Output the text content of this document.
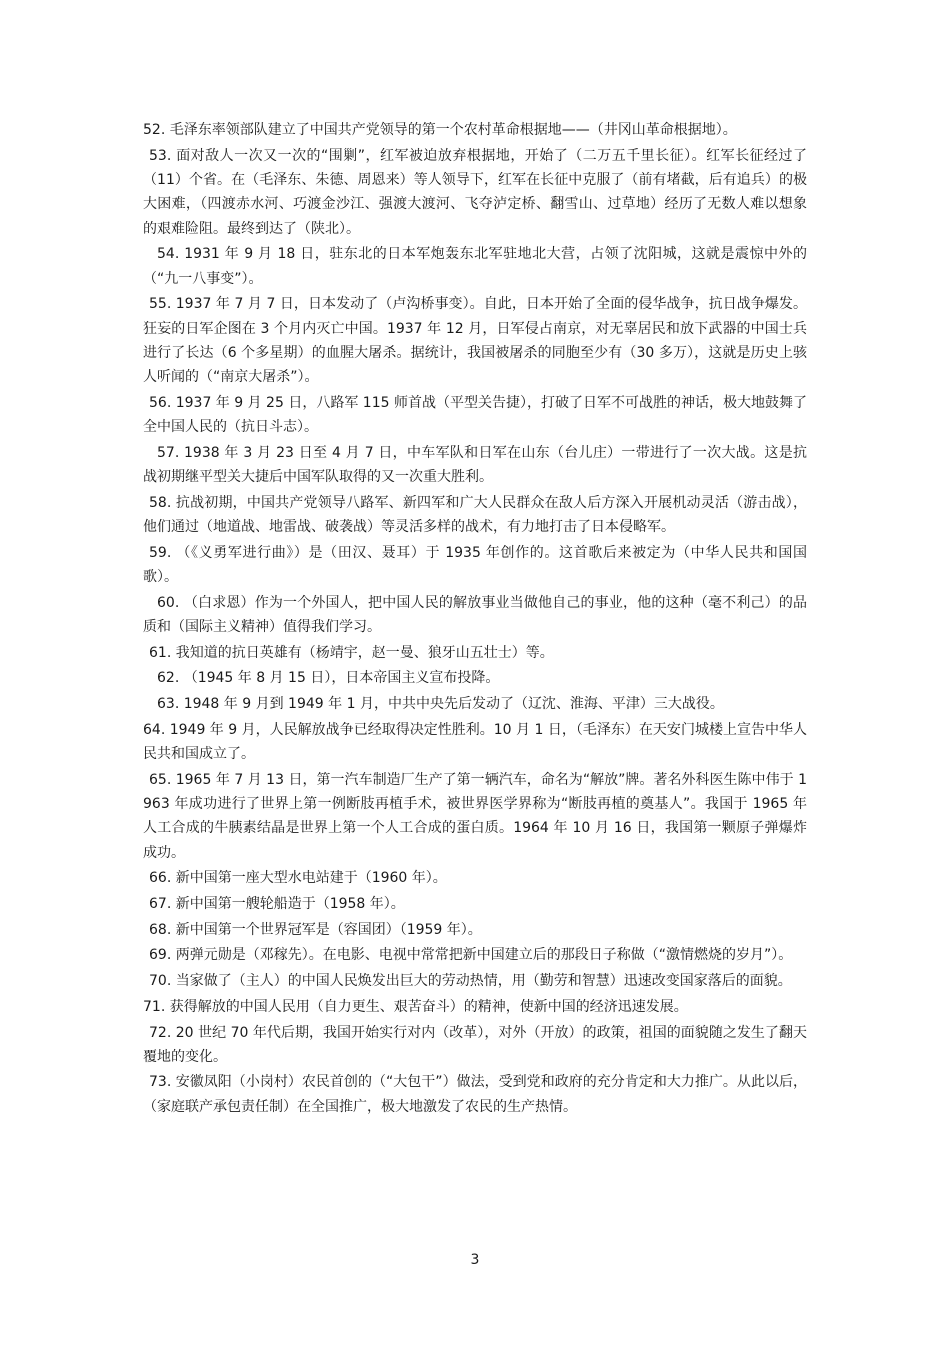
52. 毛泽东率领部队建立了中国共产党领导的第一个农村革命根据地——（井冈山革命根据地）。

53. 面对敌人一次又一次的“围剿”，红军被迫放弃根据地，开始了（二万五千里长征）。红军长征经过了（11）个省。在（毛泽东、朱德、周恩来）等人领导下，红军在长征中克服了（前有堵截，后有追兵）的极大困难，（四渡赤水河、巧渡金沙江、强渡大渡河、飞夺泸定桥、翻雪山、过草地）经历了无数人难以想象的艰难险阻。最终到达了（陕北）。

54. 1931 年 9 月 18 日，驻东北的日本军炮轰东北军驻地北大营，占领了沈阳城，这就是震惊中外的（“九一八事变”）。

55. 1937 年 7 月 7 日，日本发动了（卢沟桥事变）。自此，日本开始了全面的侵华战争，抗日战争爆发。狂妄的日军企图在 3 个月内灭亡中国。1937 年 12 月，日军侵占南京，对无辜居民和放下武器的中国士兵进行了长达（6 个多星期）的血腥大屠杀。据统计，我国被屠杀的同胞至少有（30 多万），这就是历史上骇人听闻的（“南京大屠杀”）。

56. 1937 年 9 月 25 日，八路军 115 师首战（平型关告捷），打破了日军不可战胜的神话，极大地鼓舞了全中国人民的（抗日斗志）。

57. 1938 年 3 月 23 日至 4 月 7 日，中车军队和日军在山东（台儿庄）一带进行了一次大战。这是抗战初期继平型关大捷后中国军队取得的又一次重大胜利。

58. 抗战初期，中国共产党领导八路军、新四军和广大人民群众在敌人后方深入开展机动灵活（游击战），他们通过（地道战、地雷战、破袭战）等灵活多样的战术，有力地打击了日本侵略军。

59. （《义勇军进行曲》）是（田汉、聂耳）于 1935 年创作的。这首歌后来被定为（中华人民共和国国歌）。

60. （白求恩）作为一个外国人，把中国人民的解放事业当做他自己的事业，他的这种（毫不利己）的品质和（国际主义精神）值得我们学习。

61. 我知道的抗日英雄有（杨靖宇，赵一曼、狼牙山五壮士）等。

62. （1945 年 8 月 15 日），日本帝国主义宣布投降。

63. 1948 年 9 月到 1949 年 1 月，中共中央先后发动了（辽沈、淮海、平津）三大战役。

64. 1949 年 9 月，人民解放战争已经取得决定性胜利。10 月 1 日，（毛泽东）在天安门城楼上宣告中华人民共和国成立了。

65. 1965 年 7 月 13 日，第一汽车制造厂生产了第一辆汽车，命名为“解放”牌。著名外科医生陈中伟于 1963 年成功进行了世界上第一例断肢再植手术，被世界医学界称为“断肢再植的奠基人”。我国于 1965 年人工合成的牛胰素结晶是世界上第一个人工合成的蛋白质。1964 年 10 月 16 日，我国第一颗原子弹爆炸成功。

66. 新中国第一座大型水电站建于（1960 年）。

67. 新中国第一艘轮船造于（1958 年）。

68. 新中国第一个世界冠军是（容国团）（1959 年）。

69. 两弹元勋是（邓稼先）。在电影、电视中常常把新中国建立后的那段日子称做（“激情燃烧的岁月”）。

70. 当家做了（主人）的中国人民焕发出巨大的劳动热情，用（勤劳和智慧）迅速改变国家落后的面貌。

71. 获得解放的中国人民用（自力更生、艰苦奋斗）的精神，使新中国的经济迅速发展。

72. 20 世纪 70 年代后期，我国开始实行对内（改革），对外（开放）的政策，祖国的面貌随之发生了翻天覆地的变化。

73. 安徽凤阳（小岗村）农民首创的（“大包干”）做法，受到党和政府的充分肯定和大力推广。从此以后，（家庭联产承包责任制）在全国推广，极大地激发了农民的生产热情。

3
